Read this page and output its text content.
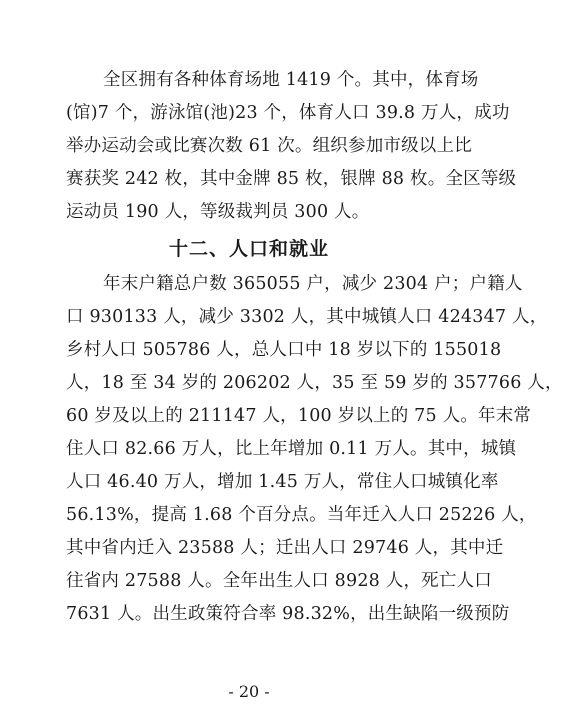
全区拥有各种体育场地 1419 个。其中，体育场
(馆)7 个，游泳馆(池)23 个，体育人口 39.8 万人，成功
举办运动会或比赛次数 61 次。组织参加市级以上比
赛获奖 242 枚，其中金牌 85 枚，银牌 88 枚。全区等级
运动员 190 人，等级裁判员 300 人。
十二、人口和就业
年末户籍总户数 365055 户，减少 2304 户；户籍人
口 930133 人，减少 3302 人，其中城镇人口 424347 人，
乡村人口 505786 人，总人口中 18 岁以下的 155018
人，18 至 34 岁的 206202 人，35 至 59 岁的 357766 人，
60 岁及以上的 211147 人，100 岁以上的 75 人。年末常
住人口 82.66 万人，比上年增加 0.11 万人。其中，城镇
人口 46.40 万人，增加 1.45 万人，常住人口城镇化率
56.13%，提高 1.68 个百分点。当年迁入人口 25226 人，
其中省内迁入 23588 人；迁出人口 29746 人，其中迁
往省内 27588 人。全年出生人口 8928 人，死亡人口
7631 人。出生政策符合率 98.32%，出生缺陷一级预防
- 20 -
